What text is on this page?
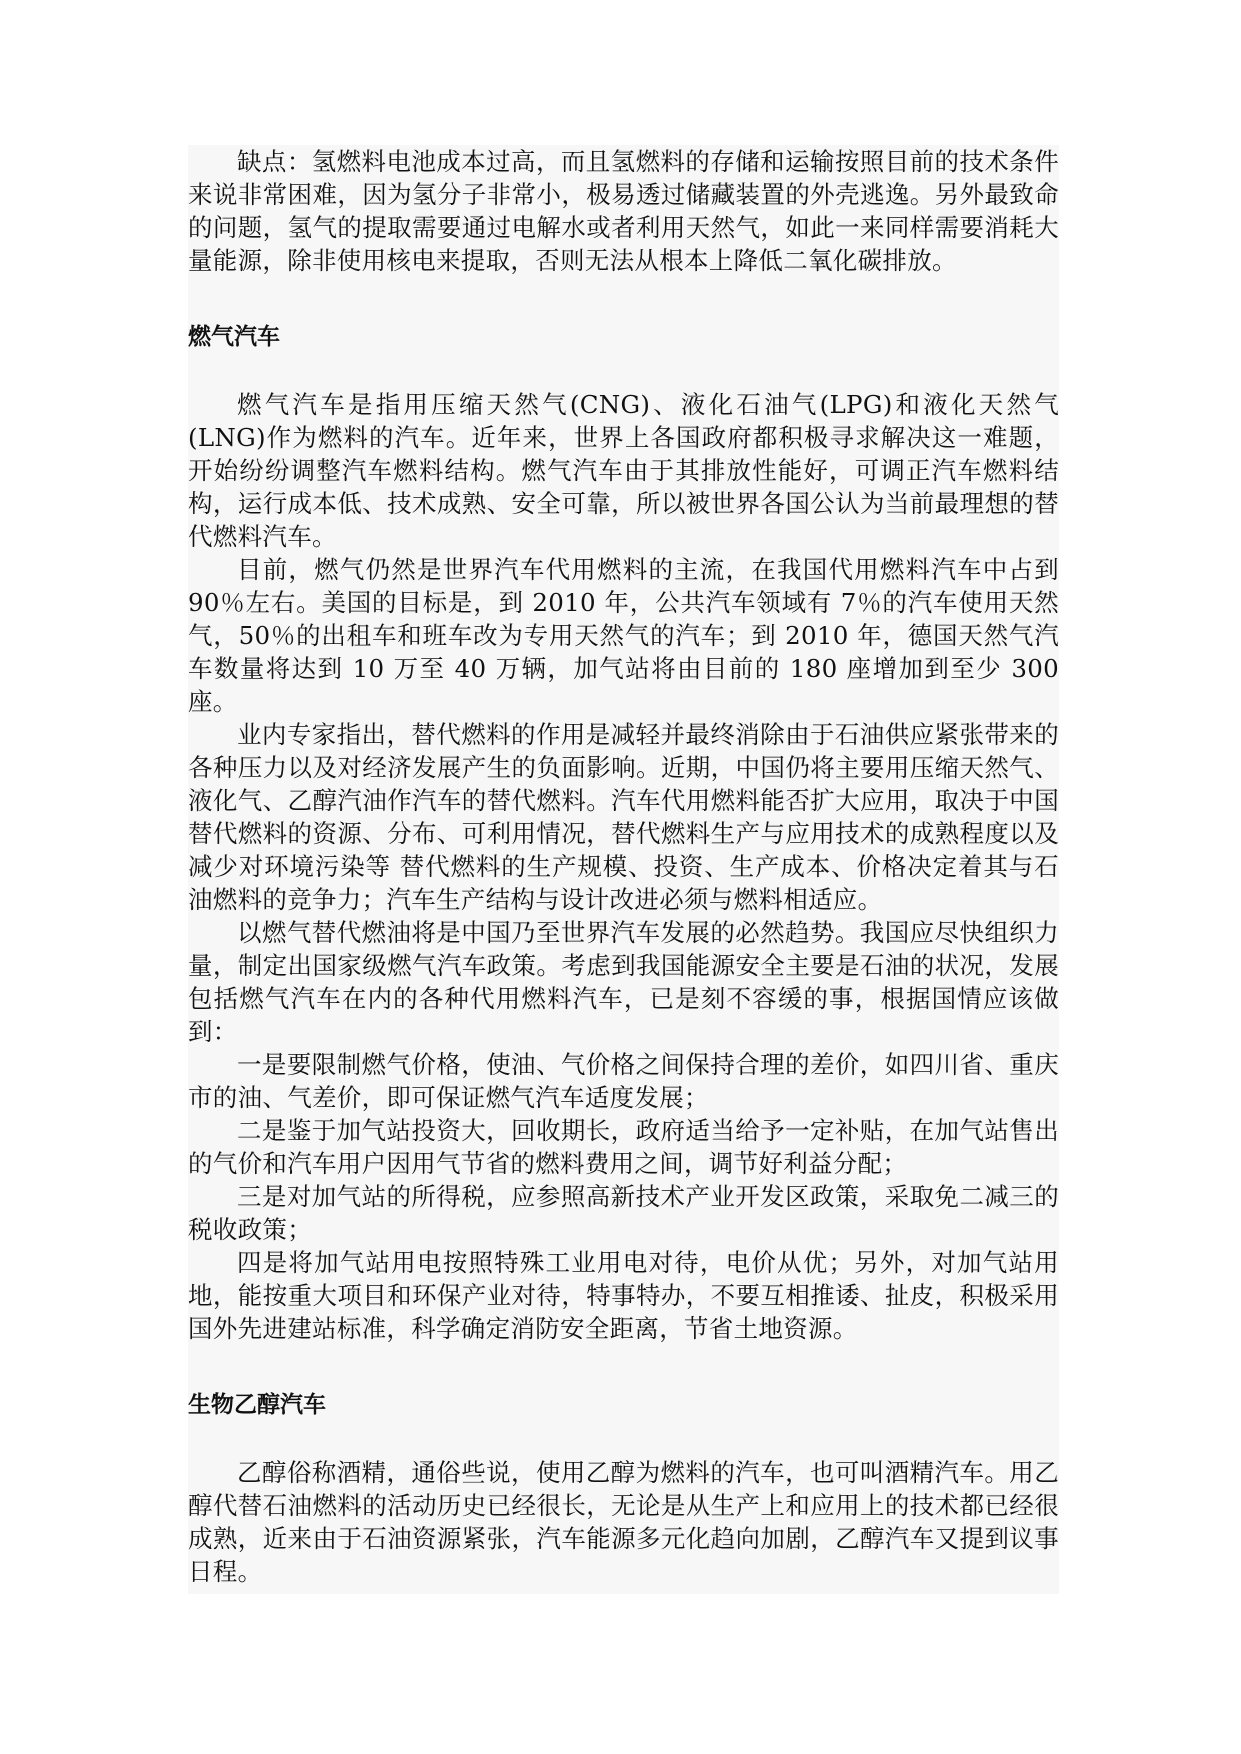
缺点：氢燃料电池成本过高，而且氢燃料的存储和运输按照目前的技术条件来说非常困难，因为氢分子非常小，极易透过储藏装置的外壳逃逸。另外最致命的问题，氢气的提取需要通过电解水或者利用天然气，如此一来同样需要消耗大量能源，除非使用核电来提取，否则无法从根本上降低二氧化碳排放。

燃气汽车

燃气汽车是指用压缩天然气(CNG)、液化石油气(LPG)和液化天然气(LNG)作为燃料的汽车。近年来，世界上各国政府都积极寻求解决这一难题，开始纷纷调整汽车燃料结构。燃气汽车由于其排放性能好，可调正汽车燃料结构，运行成本低、技术成熟、安全可靠，所以被世界各国公认为当前最理想的替代燃料汽车。

目前，燃气仍然是世界汽车代用燃料的主流，在我国代用燃料汽车中占到 90％左右。美国的目标是，到 2010 年，公共汽车领域有 7％的汽车使用天然气，50％的出租车和班车改为专用天然气的汽车；到 2010 年，德国天然气汽车数量将达到 10 万至 40 万辆，加气站将由目前的 180 座增加到至少 300 座。

业内专家指出，替代燃料的作用是减轻并最终消除由于石油供应紧张带来的各种压力以及对经济发展产生的负面影响。近期，中国仍将主要用压缩天然气、液化气、乙醇汽油作汽车的替代燃料。汽车代用燃料能否扩大应用，取决于中国替代燃料的资源、分布、可利用情况，替代燃料生产与应用技术的成熟程度以及减少对环境污染等 替代燃料的生产规模、投资、生产成本、价格决定着其与石油燃料的竞争力；汽车生产结构与设计改进必须与燃料相适应。

以燃气替代燃油将是中国乃至世界汽车发展的必然趋势。我国应尽快组织力量，制定出国家级燃气汽车政策。考虑到我国能源安全主要是石油的状况，发展包括燃气汽车在内的各种代用燃料汽车，已是刻不容缓的事，根据国情应该做到：

一是要限制燃气价格，使油、气价格之间保持合理的差价，如四川省、重庆市的油、气差价，即可保证燃气汽车适度发展；

二是鉴于加气站投资大，回收期长，政府适当给予一定补贴，在加气站售出的气价和汽车用户因用气节省的燃料费用之间，调节好利益分配；

三是对加气站的所得税，应参照高新技术产业开发区政策，采取免二减三的税收政策；

四是将加气站用电按照特殊工业用电对待，电价从优；另外，对加气站用地，能按重大项目和环保产业对待，特事特办，不要互相推诿、扯皮，积极采用国外先进建站标准，科学确定消防安全距离，节省土地资源。

生物乙醇汽车

乙醇俗称酒精，通俗些说，使用乙醇为燃料的汽车，也可叫酒精汽车。用乙醇代替石油燃料的活动历史已经很长，无论是从生产上和应用上的技术都已经很成熟，近来由于石油资源紧张，汽车能源多元化趋向加剧，乙醇汽车又提到议事日程。
